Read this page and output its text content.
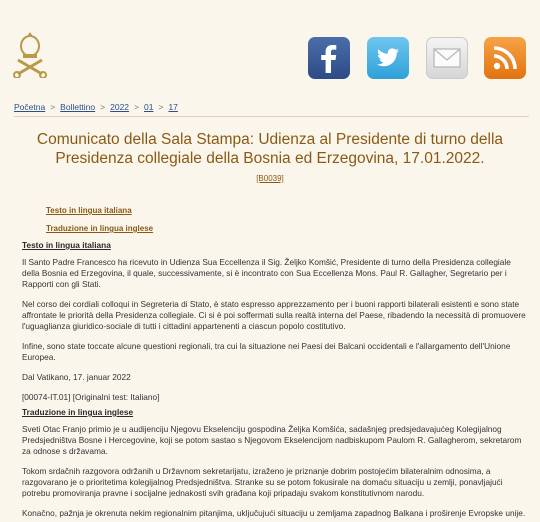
Početna > Bollettino > 2022 > 01 > 17
Comunicato della Sala Stampa: Udienza al Presidente di turno della Presidenza collegiale della Bosnia ed Erzegovina, 17.01.2022.
[B0039]
Testo in lingua italiana
Traduzione in lingua inglese
Testo in lingua italiana

Il Santo Padre Francesco ha ricevuto in Udienza Sua Eccellenza il Sig. Željko Komšić, Presidente di turno della Presidenza collegiale della Bosnia ed Erzegovina, il quale, successivamente, si è incontrato con Sua Eccellenza Mons. Paul R. Gallagher, Segretario per i Rapporti con gli Stati.

Nel corso dei cordiali colloqui in Segreteria di Stato, è stato espresso apprezzamento per i buoni rapporti bilaterali esistenti e sono state affrontate le priorità della Presidenza collegiale. Ci si è poi soffermati sulla realtà interna del Paese, ribadendo la necessità di promuovere l'uguaglianza giuridico-sociale di tutti i cittadini appartenenti a ciascun popolo costitutivo.

Infine, sono state toccate alcune questioni regionali, tra cui la situazione nei Paesi dei Balcani occidentali e l'allargamento dell'Unione Europea.

Dal Vatikano, 17. januar 2022

[00074-IT.01] [Originalni test: Italiano]

Traduzione in lingua inglese

Sveti Otac Franjo primio je u audijenciju Njegovu Ekselenciju gospodina Željka Komšića, sadašnjeg predsjedavajućeg Kolegijalnog Predsjedništva Bosne i Hercegovine, koji se potom sastao s Njegovom Ekselencijom nadbiskupom Paulom R. Gallagherom, sekretarom za odnose s državama.

Tokom srdačnih razgovora održanih u Državnom sekretarijatu, izraženo je priznanje dobrim postojećim bilateralnim odnosima, a razgovarano je o prioritetima kolegijalnog Predsjedništva. Stranke su se potom fokusirale na domaću situaciju u zemlji, ponavljajući potrebu promoviranja pravne i socijalne jednakosti svih građana koji pripadaju svakom konstitutivnom narodu.

Konačno, pažnja je okrenuta nekim regionalnim pitanjima, uključujući situaciju u zemljama zapadnog Balkana i proširenje Evropske unije.
